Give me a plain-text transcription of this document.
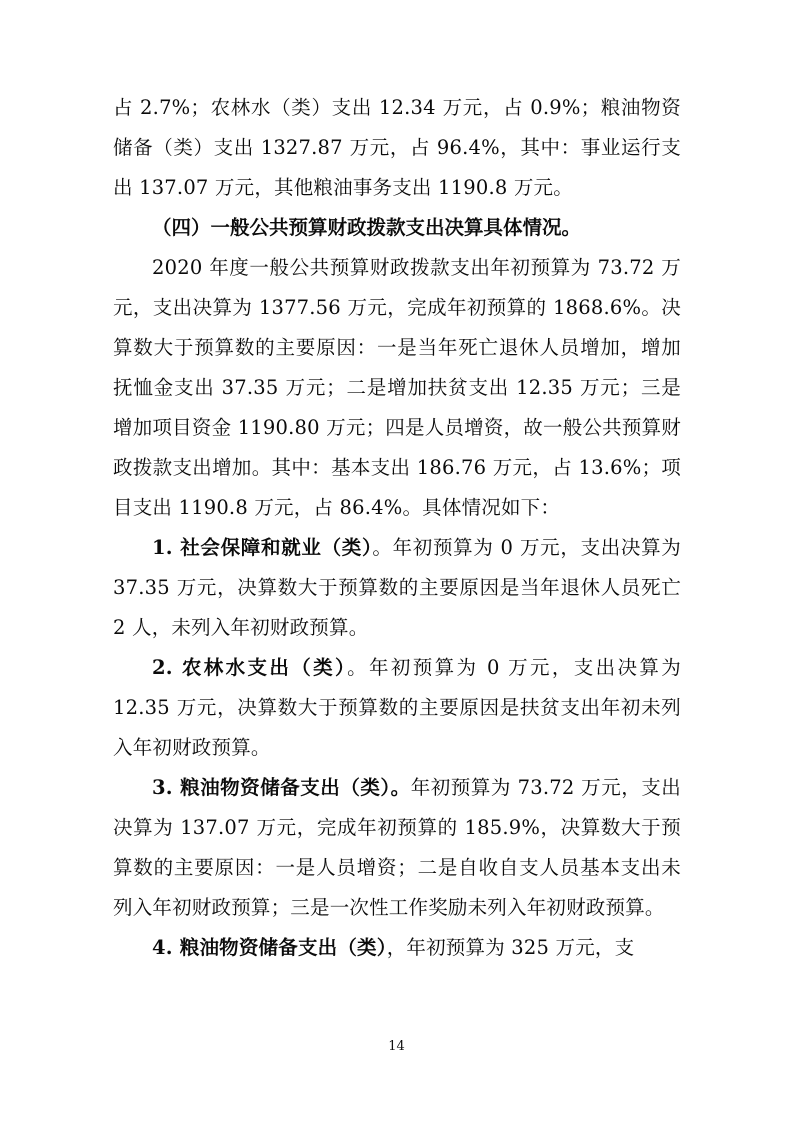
占 2.7%；农林水（类）支出 12.34 万元，占 0.9%；粮油物资储备（类）支出 1327.87 万元，占 96.4%，其中：事业运行支出 137.07 万元，其他粮油事务支出 1190.8 万元。

（四）一般公共预算财政拨款支出决算具体情况。

2020 年度一般公共预算财政拨款支出年初预算为 73.72 万元，支出决算为 1377.56 万元，完成年初预算的 1868.6%。决算数大于预算数的主要原因：一是当年死亡退休人员增加，增加抚恤金支出 37.35 万元；二是增加扶贫支出 12.35 万元；三是增加项目资金 1190.80 万元；四是人员增资，故一般公共预算财政拨款支出增加。其中：基本支出 186.76 万元，占 13.6%；项目支出 1190.8 万元，占 86.4%。具体情况如下：

1. 社会保障和就业（类）。年初预算为 0 万元，支出决算为 37.35 万元，决算数大于预算数的主要原因是当年退休人员死亡 2 人，未列入年初财政预算。

2. 农林水支出（类）。年初预算为 0 万元，支出决算为 12.35 万元，决算数大于预算数的主要原因是扶贫支出年初未列入年初财政预算。

3. 粮油物资储备支出（类）。年初预算为 73.72 万元，支出决算为 137.07 万元，完成年初预算的 185.9%，决算数大于预算数的主要原因：一是人员增资；二是自收自支人员基本支出未列入年初财政预算；三是一次性工作奖励未列入年初财政预算。

4. 粮油物资储备支出（类），年初预算为 325 万元，支

14
